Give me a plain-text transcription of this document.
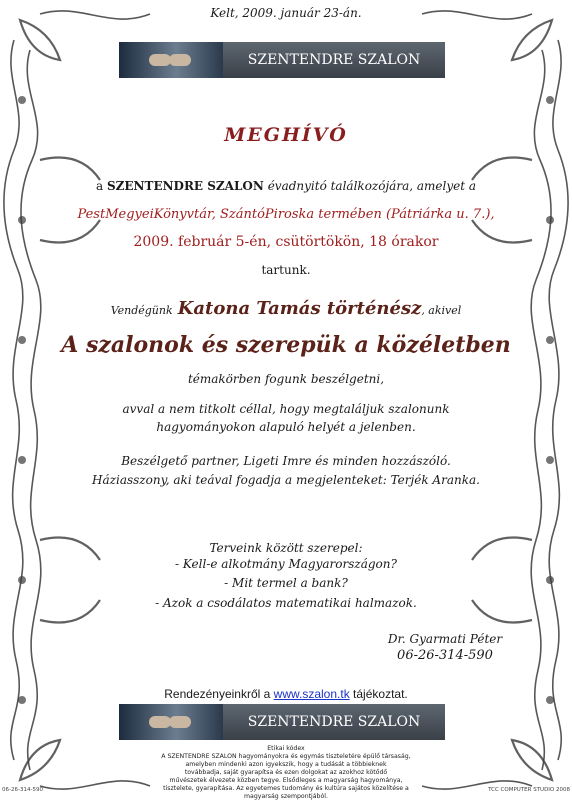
Kelt, 2009. január 23-án.
SZENTENDRE SZALON
MEGHÍVÓ
a SZENTENDRE SZALON évadnyitó találkozójára, amelyet a
PestMegyeiKönyvtár, SzántóPiroska termében (Pátriárka u. 7.),
2009. február 5-én, csütörtökön, 18 órakor
tartunk.
Vendégünk Katona Tamás történész, akivel
A szalonok és szerepük a közéletben
témakörben fogunk beszélgetni,
avval a nem titkolt céllal, hogy megtaláljuk szalonunk
hagyományokon alapuló helyét a jelenben.
Beszélgető partner, Ligeti Imre és minden hozzászóló.
Háziasszony, aki teával fogadja a megjelenteket: Terjék Aranka.
Terveink között szerepel:
- Kell-e alkotmány Magyarországon?
- Mit termel a bank?
- Azok a csodálatos matematikai halmazok.
Dr. Gyarmati Péter
06-26-314-590
Rendezényeinkről a www.szalon.tk tájékoztat.
SZENTENDRE SZALON
Etikai kódex
A SZENTENDRE SZALON hagyományokra és egymás tiszteletére épülő társaság,
amelyben mindenki azon igyekszik, hogy a tudását a többieknek
továbbadja, saját gyarapítsa és ezen dolgokat az azokhoz kötődő
művészetek élvezete közben tegye. Elsődleges a magyarság hagyománya,
tisztelete, gyarapítása. Az egyetemes tudomány és kultúra sajátos közelítése a magyarság szempontjából.
06-26-314-590	TCC COMPUTER STUDIO 2008
